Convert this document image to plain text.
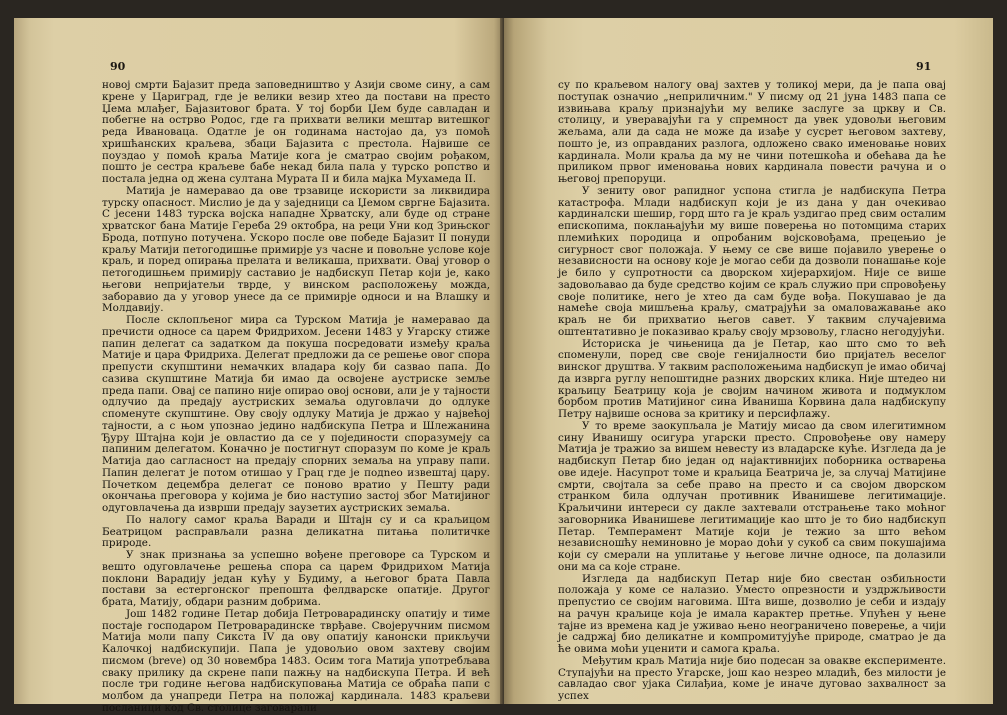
90

новој смрти Бајазит преда заповедништво у Азији своме сину, а сам крене у Цариград, где је велики везир хтео да постави на престо Џема млађег, Бајазитовог брата. У тој борби Џем буде савладан и побегне на острво Родос, где га прихвати велики мештар витешког реда Ивановаца. Одатле је он годинама настојао да, уз помоћ хришћанских краљева, збаци Бајазита с престола. Највише се поуздао у помоћ краља Матије кога је сматрао својим рођаком, пошто је сестра краљеве бабе некад била пала у турско ропство и постала једна од жена султана Мурата II и била мајка Мухамеда II.

Матија је намеравао да ове трзавице искористи за ликвидира турску опасност. Мислио је да у заједници са Џемом свргне Бајазита. С јесени 1483 турска војска нападне Хрватску, али буде од стране хрватског бана Матије Гереба 29 октобра, на реци Уни код Зрињског Брода, потпуно потучена. Ускоро после ове победе Бајазит II понуди краљу Матији петогодишње примирје уз часне и повољне услове које краљ, и поред опирања прелата и великаша, прихвати. Овај уговор о петогодишњем примирју саставио је надбискуп Петар који је, како његови непријатељи тврде, у винском расположењу можда, заборавио да у уговор унесе да се примирје односи и на Влашку и Молдавију.

После склопљеног мира са Турском Матија је намеравао да пречисти односе са царем Фридрихом. Јесени 1483 у Угарску стиже папин делегат са задатком да покуша посредовати између краља Матије и цара Фридриха. Делегат предложи да се решење овог спора препусти скупштини немачких владара коју би сазвао папа. До сазива скупштине Матија би имао да освојене аустриске земље преда папи. Овај се папино није опирао овој основи, али је у тајности одлучио да предају аустриских земаља одуговлачи до одлуке споменуте скупштине. Ову своју одлуку Матија је држао у највећој тајности, а с њом упознао једино надбискупа Петра и Шлежанина Ђуру Штајна који је овластио да се у појединости споразумеју са папиним делегатом. Коначно је постигнут споразум по коме је краљ Матија дао сагласност на предају спорних земаља на управу папи. Папин делегат је потом отишао у Грац где је подnео извештај цару. Почетком децембра делегат се поново вратио у Пешту ради окончања преговора у којима је био наступио застој због Матијиног одуговлачења да изврши предају заузетих аустриских земаља.

По налогу самог краља Варади и Штајн су и са краљицом Беатрицом расправљали разна деликатна питања политичке природе.

У знак признања за успешно вођене преговоре са Турском и вешто одуговлачење решења спора са царем Фридрихом Матија поклони Варадију један кућу у Будиму, а његовог брата Павла постави за естергонског препошта фелдварске опатије. Другог брата, Матију, обдари разним добрима.

Још 1482 године Петар добија Петроварадинску опатију и тиме постаје господаром Петроварадинске тврђаве. Својеручним писмом Матија моли папу Сикста IV да ову опатију канонски прикључи Калочкој надбискупији. Папа је удовољио овом захтеву својим писмом (breve) од 30 новембра 1483. Осим тога Матија употребљава сваку прилику да скрене папи пажњу на надбискупа Петра. И већ после три године његова надбискуповања Матија се обраћа папи с молбом да унапреди Петра на положај кардинала. 1483 краљеви посланици код Св. столице заговарали

91

су по краљевом налогу овај захтев у толикој мери, да је папа овај поступак означио „неприличним." У писму од 21 јуна 1483 папа се извињава краљу признајући му велике заслуге за цркву и Св. столицу, и уверавајући га у спремност да увек удовољи његовим жељама, али да сада не може да изађе у сусрет његовом захтеву, пошто је, из оправданих разлога, одложено свако именовање нових кардинала. Моли краља да му не чини потешкоћа и обећава да ће приликом првог именовања нових кардинала повести рачуна и о његовој препоруци.

У зениту овог рапидног успона стигла је надбискупа Петра катастрофа. Млади надбискуп који је из дана у дан очекивао кардиналски шешир, горд што га је краљ уздигао пред свим осталим епископима, поклањајући му више поверења но потомцима старих племићких породица и опробаним војсковођама, прецењио је сигурност свог положаја. У њему се све више појавило уверење о независности на основу које је могао себи да дозволи понашање које је било у супротности са дворском хијерархијом. Није се више задовољавао да буде средство којим се краљ служио при спровођењу своје политике, него је хтео да сам буде вођа. Покушавао је да намеће своја мишљења краљу, сматрајући за омаловажавање ако краљ не би прихватио његов савет. У таквим случајевима оштентативно је показивао краљу своју мрзовољу, гласно негодујући.

Историска је чињеница да је Петар, као што смо то већ споменули, поред све своје генијалности био пријатељ веселог винског друштва. У таквим расположењима надбискуп је имао обичај да изврга руглу непоштидне разних дворских клика. Није штедео ни краљицу Беатрицу која је својим начином живота и подмуклом борбом против Матијиног сина Иваниша Корвина дала надбискупу Петру највише основа за критику и персифлажу.

У то време заокупљала је Матију мисао да свом илегитимном сину Иванишу осигура угарски престо. Спровођење ову намеру Матија је тражио за вишем невесту из владарске куће. Изгледа да је надбискуп Петар био један од најактивнијих поборника остварења ове идеје. Насупрот томе и краљица Беатрича је, за случај Матијине смрти, својтала за себе право на престо и са својом дворском странком била одлучан противник Иванишеве легитимације. Краљичини интереси су дакле захтевали отстрањење тако моћног заговорника Иванишеве легитимације као што је то био надбискуп Петар. Темперамент Матије који је тежио за што већом независношћу неминовно је морао доћи у сукоб са свим покушајима који су смерали на уплитање у његове личне односе, па долазили они ма са које стране.

Изгледа да надбискуп Петар није био свестан озбиљности положаја у коме се налазио. Уместо опрезности и уздржљивости препустио се својим наговима. Шта више, дозволио је себи и издају на рачун краљице која је имала карактер претње. Упућен у њене тајне из времена кад је уживао њено неограничено поверење, а чији је садржај био деликатне и компромитујуће природе, сматрао је да ће овима моћи уценити и самога краља.

Међутим краљ Матија није био подесан за овакве експерименте. Ступајући на престо Угарске, још као незрео младић, без милости је савладао свог ујака Силађиа, коме је иначе дуговао захвалност за успех
